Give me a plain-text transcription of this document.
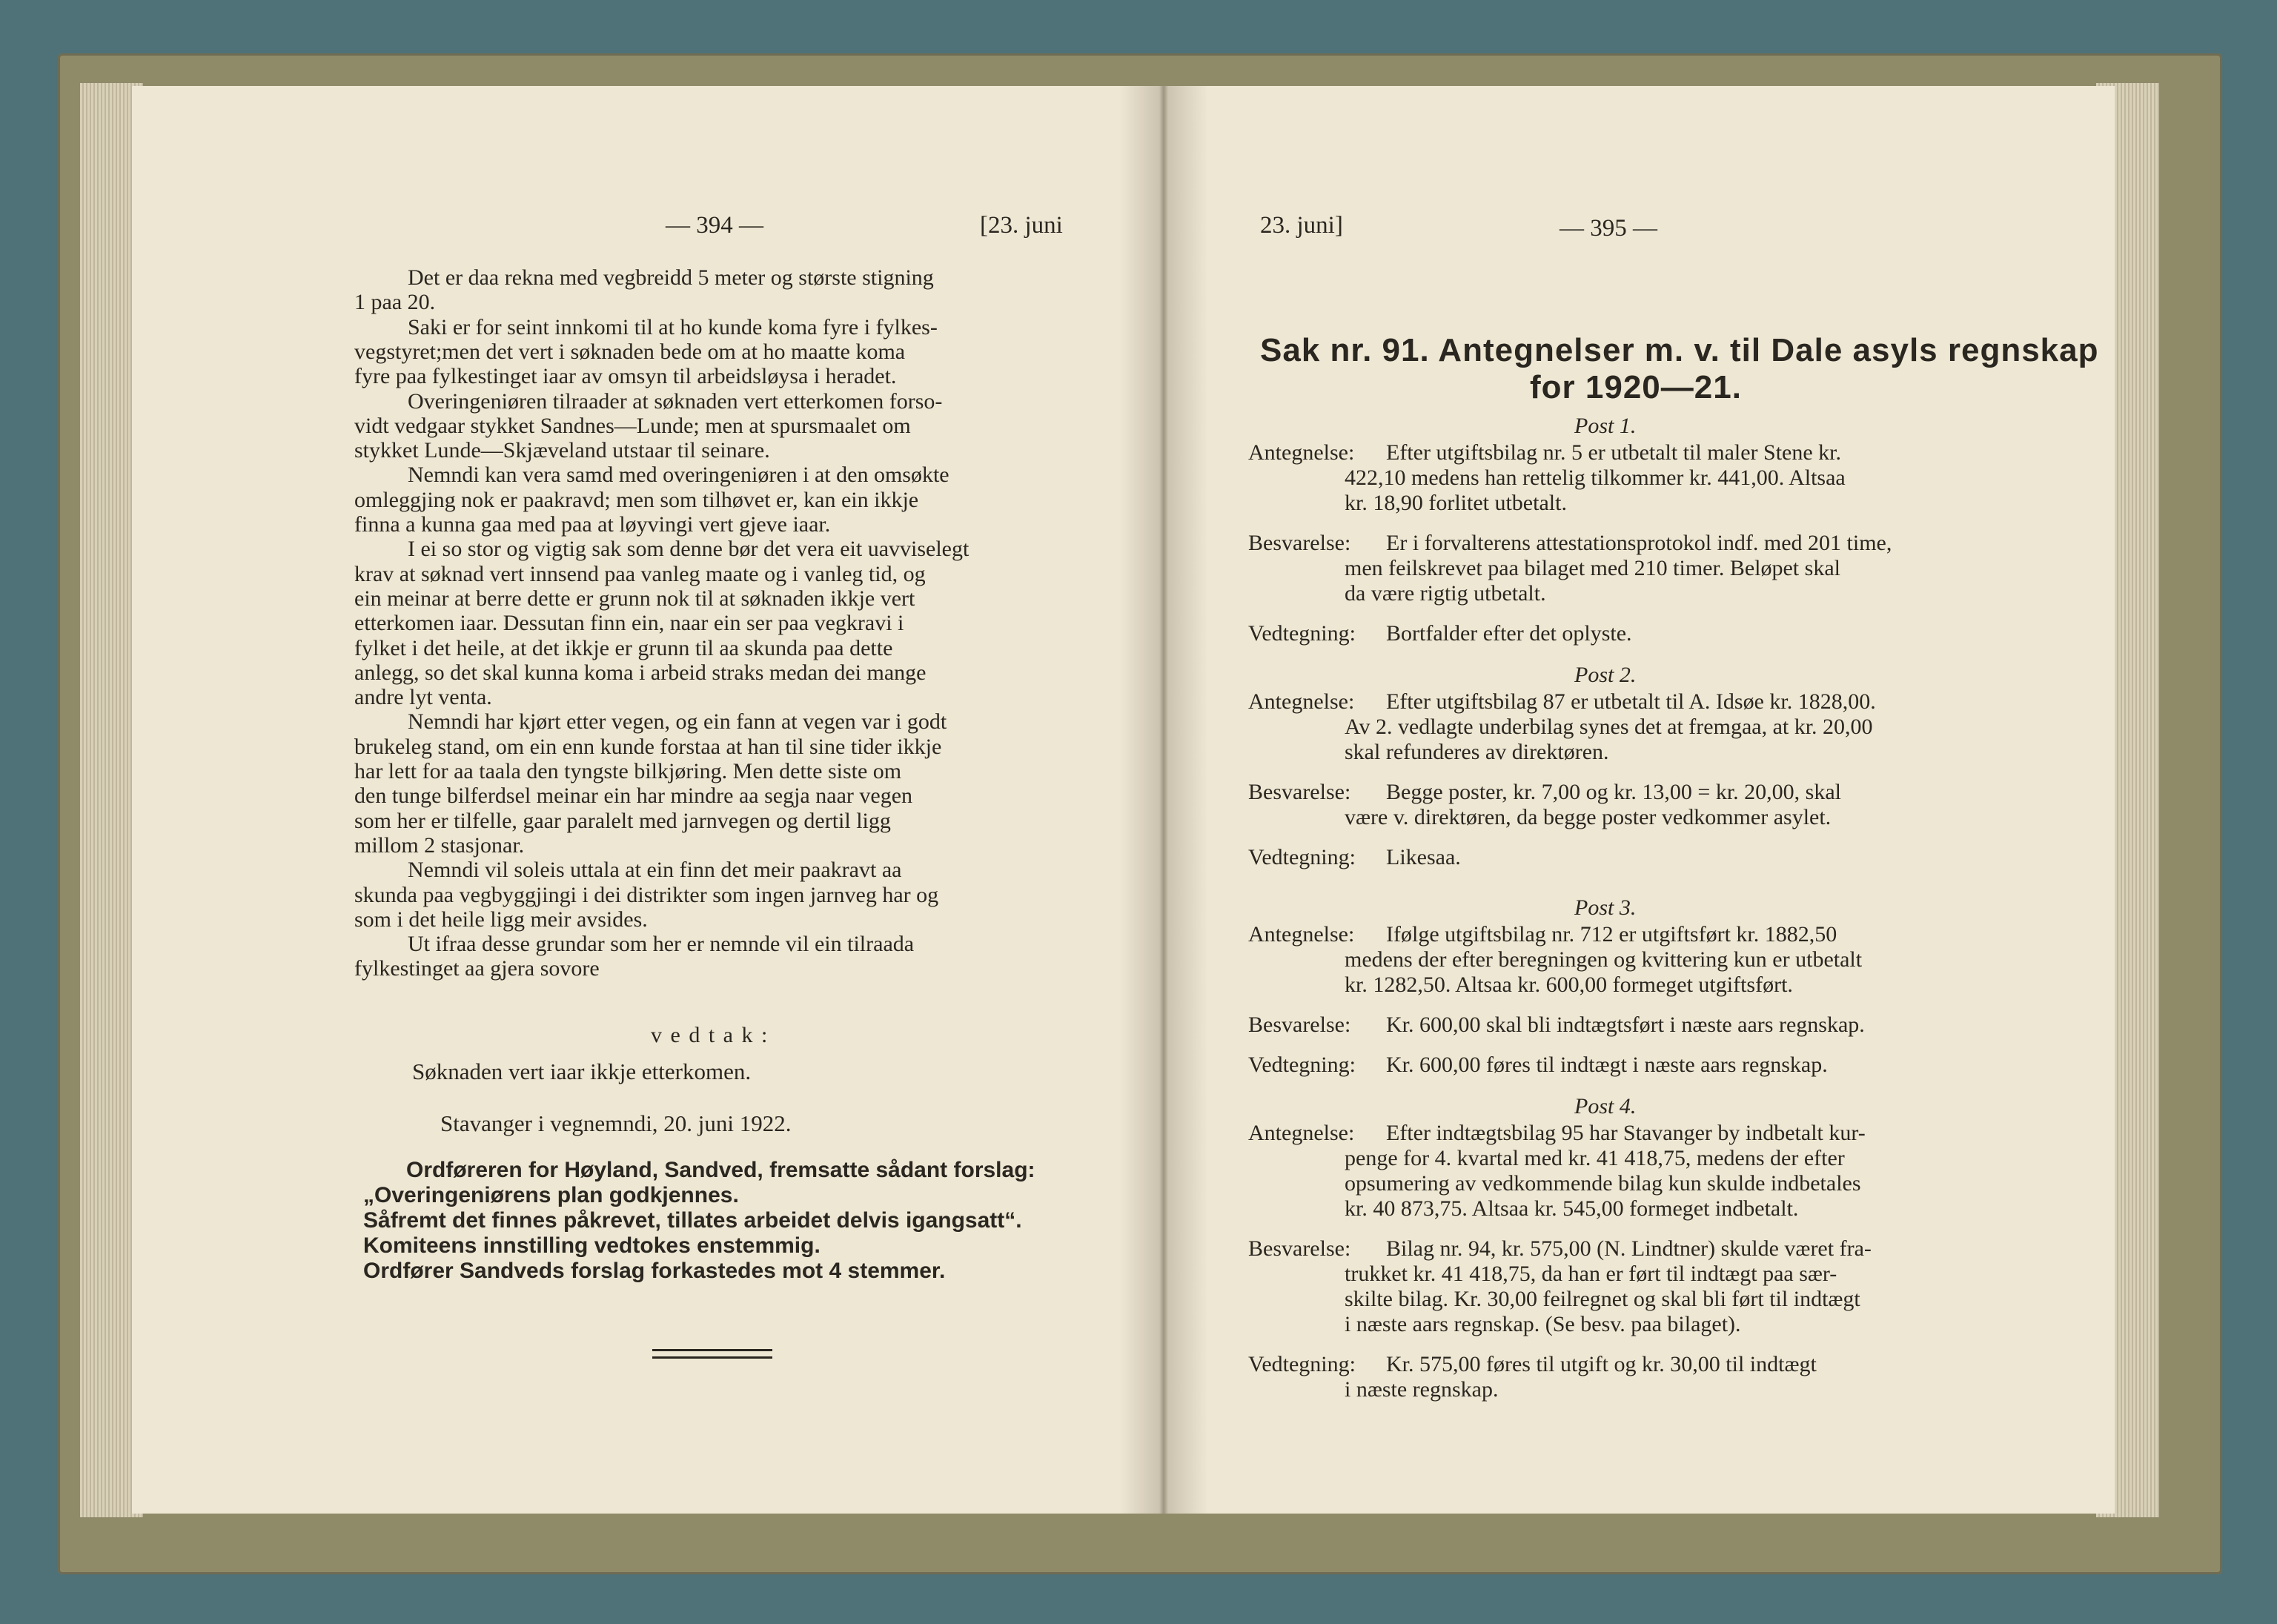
— 394 —	[23. juni
Det er daa rekna med vegbreidd 5 meter og største stigning
1 paa 20.
Saki er for seint innkomi til at ho kunde koma fyre i fylkes-
vegstyret;men det vert i søknaden bede om at ho maatte koma
fyre paa fylkestinget iaar av omsyn til arbeidsløysa i heradet.
Overingeniøren tilraader at søknaden vert etterkomen forso-
vidt vedgaar stykket Sandnes—Lunde; men at spursmaalet om
stykket Lunde—Skjæveland utstaar til seinare.
Nemndi kan vera samd med overingeniøren i at den omsøkte
omleggjing nok er paakravd; men som tilhøvet er, kan ein ikkje
finna a kunna gaa med paa at løyvingi vert gjeve iaar.
I ei so stor og vigtig sak som denne bør det vera eit uavviselegt
krav at søknad vert innsend paa vanleg maate og i vanleg tid, og
ein meinar at berre dette er grunn nok til at søknaden ikkje vert
etterkomen iaar. Dessutan finn ein, naar ein ser paa vegkravi i
fylket i det heile, at det ikkje er grunn til aa skunda paa dette
anlegg, so det skal kunna koma i arbeid straks medan dei mange
andre lyt venta.
Nemndi har kjørt etter vegen, og ein fann at vegen var i godt
brukeleg stand, om ein enn kunde forstaa at han til sine tider ikkje
har lett for aa taala den tyngste bilkjøring. Men dette siste om
den tunge bilferdsel meinar ein har mindre aa segja naar vegen
som her er tilfelle, gaar paralelt med jarnvegen og dertil ligg
millom 2 stasjonar.
Nemndi vil soleis uttala at ein finn det meir paakravt aa
skunda paa vegbyggjingi i dei distrikter som ingen jarnveg har og
som i det heile ligg meir avsides.
Ut ifraa desse grundar som her er nemnde vil ein tilraada
fylkestinget aa gjera sovore
v e d t a k :
Søknaden vert iaar ikkje etterkomen.
Stavanger i vegnemndi, 20. juni 1922.
Ordføreren for Høyland, Sandved, fremsatte sådant forslag:
„Overingeniørens plan godkjennes.
Såfremt det finnes påkrevet, tillates arbeidet delvis igangsatt“.
Komiteens innstilling vedtokes enstemmig.
Ordfører Sandveds forslag forkastedes mot 4 stemmer.
23. juni]	— 395 —
Sak nr. 91. Antegnelser m. v. til Dale asyls regnskap
for 1920—21.
Post 1.
Antegnelse: Efter utgiftsbilag nr. 5 er utbetalt til maler Stene kr.
422,10 medens han rettelig tilkommer kr. 441,00. Altsaa
kr. 18,90 forlitet utbetalt.
Besvarelse: Er i forvalterens attestationsprotokol indf. med 201 time,
men feilskrevet paa bilaget med 210 timer. Beløpet skal
da være rigtig utbetalt.
Vedtegning: Bortfalder efter det oplyste.
Post 2.
Antegnelse: Efter utgiftsbilag 87 er utbetalt til A. Idsøe kr. 1828,00.
Av 2. vedlagte underbilag synes det at fremgaa, at kr. 20,00
skal refunderes av direktøren.
Besvarelse: Begge poster, kr. 7,00 og kr. 13,00 = kr. 20,00, skal
være v. direktøren, da begge poster vedkommer asylet.
Vedtegning: Likesaa.
Post 3.
Antegnelse: Ifølge utgiftsbilag nr. 712 er utgiftsført kr. 1882,50
medens der efter beregningen og kvittering kun er utbetalt
kr. 1282,50. Altsaa kr. 600,00 formeget utgiftsført.
Besvarelse: Kr. 600,00 skal bli indtægtsført i næste aars regnskap.
Vedtegning: Kr. 600,00 føres til indtægt i næste aars regnskap.
Post 4.
Antegnelse: Efter indtægtsbilag 95 har Stavanger by indbetalt kur-
penge for 4. kvartal med kr. 41 418,75, medens der efter
opsumering av vedkommende bilag kun skulde indbetales
kr. 40 873,75. Altsaa kr. 545,00 formeget indbetalt.
Besvarelse: Bilag nr. 94, kr. 575,00 (N. Lindtner) skulde været fra-
trukket kr. 41 418,75, da han er ført til indtægt paa sær-
skilte bilag. Kr. 30,00 feilregnet og skal bli ført til indtægt
i næste aars regnskap. (Se besv. paa bilaget).
Vedtegning: Kr. 575,00 føres til utgift og kr. 30,00 til indtægt
i næste regnskap.
